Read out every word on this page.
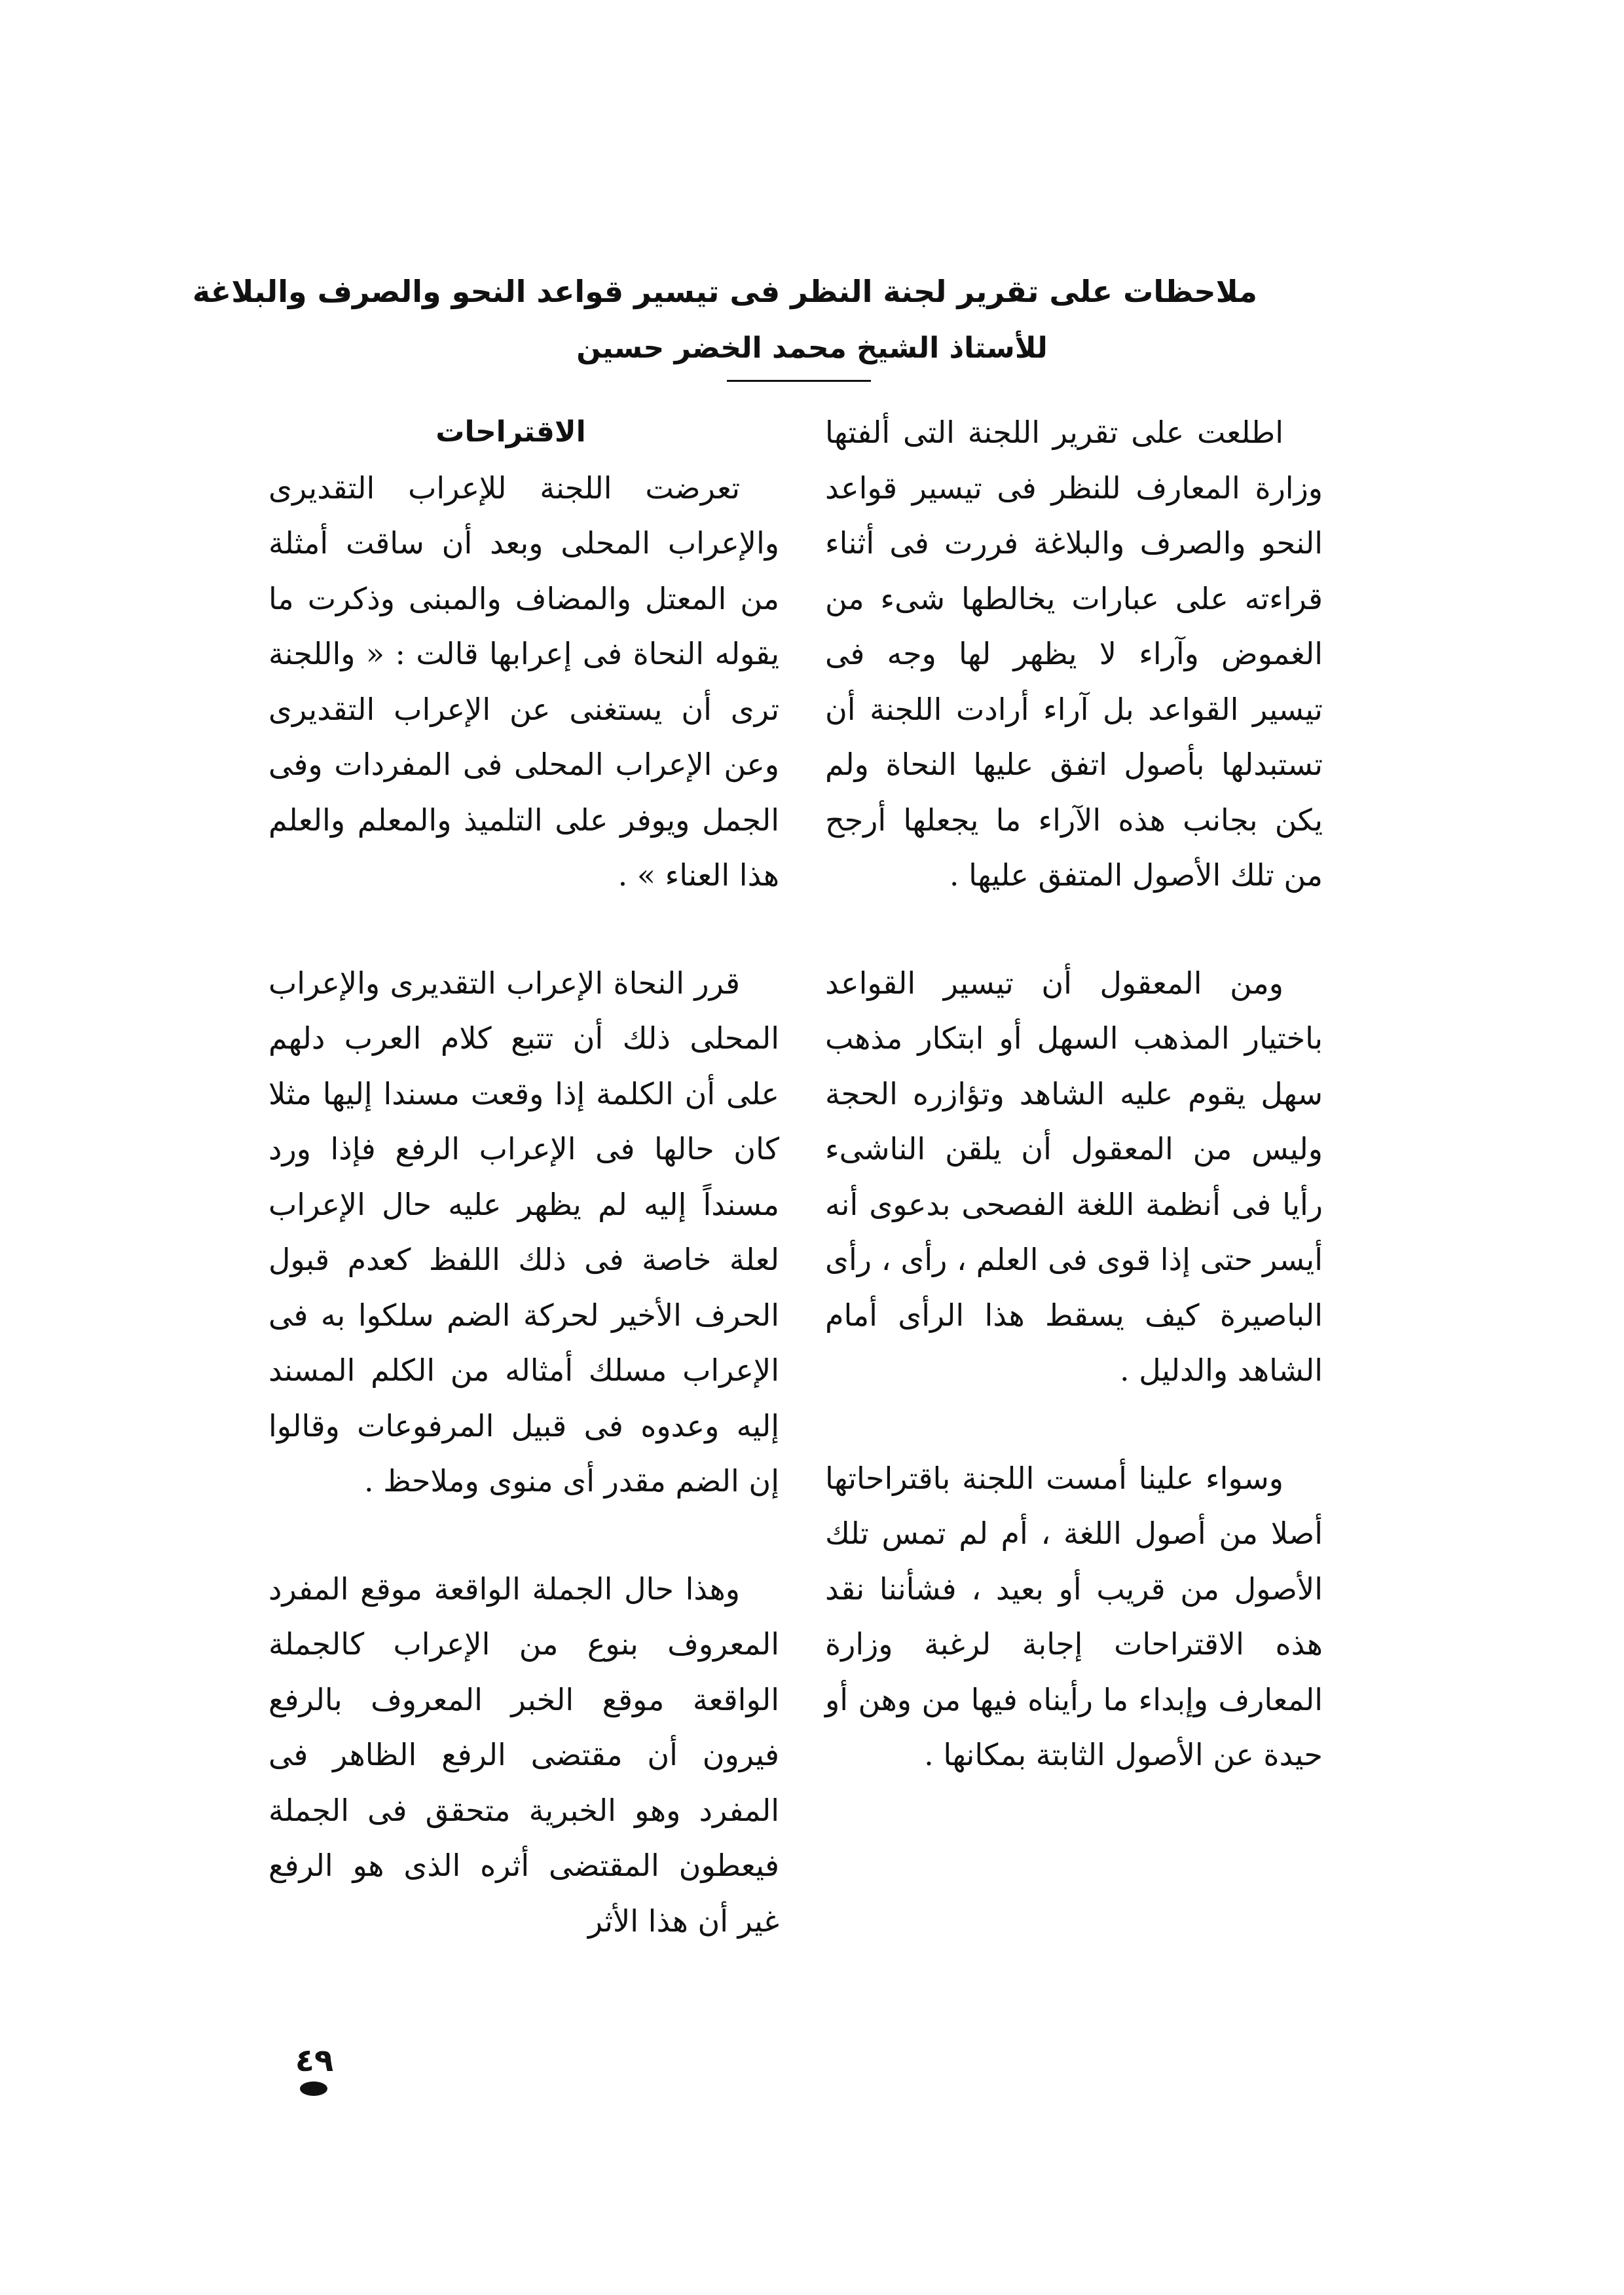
ملاحظات على تقرير لجنة النظر فى تيسير قواعد النحو والصرف والبلاغة
للأستاذ الشيخ محمد الخضر حسين

اطلعت على تقرير اللجنة التى ألفتها وزارة المعارف للنظر فى تيسير قواعد النحو والصرف والبلاغة فررت فى أثناء قراءته على عبارات يخالطها شىء من الغموض وآراء لا يظهر لها وجه فى تيسير القواعد بل آراء أرادت اللجنة أن تستبدلها بأصول اتفق عليها النحاة ولم يكن بجانب هذه الآراء ما يجعلها أرجح من تلك الأصول المتفق عليها .

ومن المعقول أن تيسير القواعد باختيار المذهب السهل أو ابتكار مذهب سهل يقوم عليه الشاهد وتؤازره الحجة وليس من المعقول أن يلقن الناشىء رأيا فى أنظمة اللغة الفصحى بدعوى أنه أيسر حتى إذا قوى فى العلم ، رأى ، رأى الباصيرة كيف يسقط هذا الرأى أمام الشاهد والدليل .

وسواء علينا أمست اللجنة باقتراحاتها أصلا من أصول اللغة ، أم لم تمس تلك الأصول من قريب أو بعيد ، فشأننا نقد هذه الاقتراحات إجابة لرغبة وزارة المعارف وإبداء ما رأيناه فيها من وهن أو حيدة عن الأصول الثابتة بمكانها .

الاقتراحات

تعرضت اللجنة للإعراب التقديرى والإعراب المحلى وبعد أن ساقت أمثلة من المعتل والمضاف والمبنى وذكرت ما يقوله النحاة فى إعرابها قالت : « واللجنة ترى أن يستغنى عن الإعراب التقديرى وعن الإعراب المحلى فى المفردات وفى الجمل ويوفر على التلميذ والمعلم والعلم هذا العناء » .

قرر النحاة الإعراب التقديرى والإعراب المحلى ذلك أن تتبع كلام العرب دلهم على أن الكلمة إذا وقعت مسندا إليها مثلا كان حالها فى الإعراب الرفع فإذا ورد مسنداً إليه لم يظهر عليه حال الإعراب لعلة خاصة فى ذلك اللفظ كعدم قبول الحرف الأخير لحركة الضم سلكوا به فى الإعراب مسلك أمثاله من الكلم المسند إليه وعدوه فى قبيل المرفوعات وقالوا إن الضم مقدر أى منوى وملاحظ .

وهذا حال الجملة الواقعة موقع المفرد المعروف بنوع من الإعراب كالجملة الواقعة موقع الخبر المعروف بالرفع فيرون أن مقتضى الرفع الظاهر فى المفرد وهو الخبرية متحقق فى الجملة فيعطون المقتضى أثره الذى هو الرفع غير أن هذا الأثر

٤٩
